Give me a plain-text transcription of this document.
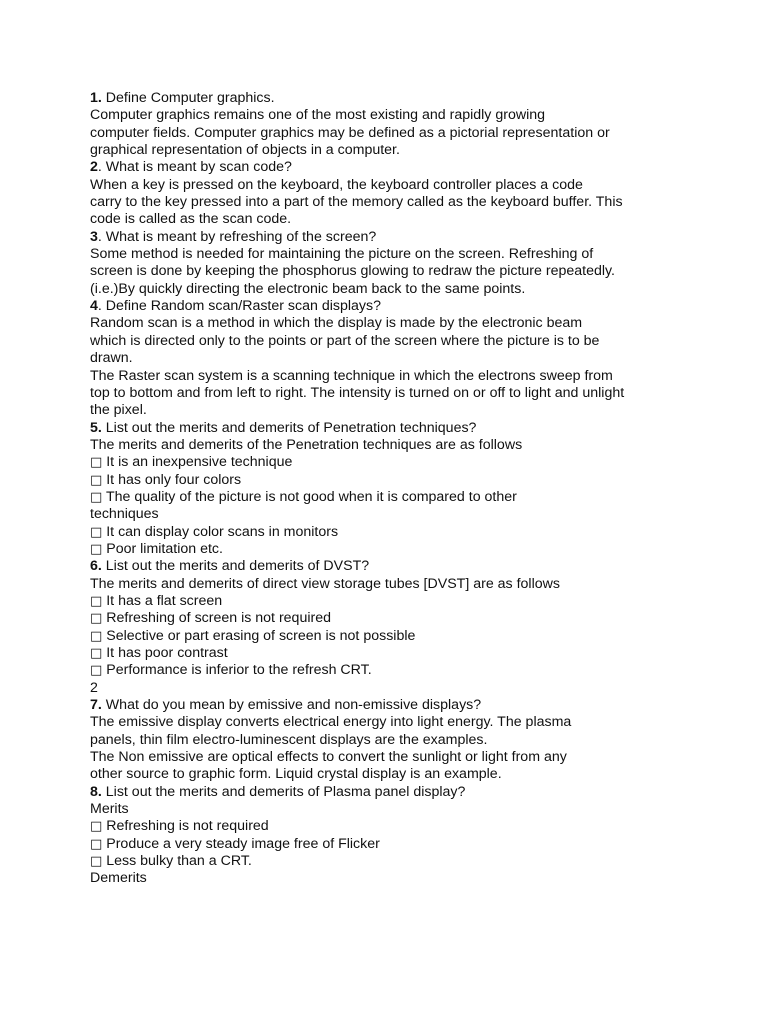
1. Define Computer graphics.
Computer graphics remains one of the most existing and rapidly growing
computer fields. Computer graphics may be defined as a pictorial representation or
graphical representation of objects in a computer.
2. What is meant by scan code?
When a key is pressed on the keyboard, the keyboard controller places a code
carry to the key pressed into a part of the memory called as the keyboard buffer. This
code is called as the scan code.
3. What is meant by refreshing of the screen?
Some method is needed for maintaining the picture on the screen. Refreshing of
screen is done by keeping the phosphorus glowing to redraw the picture repeatedly.
(i.e.)By quickly directing the electronic beam back to the same points.
4. Define Random scan/Raster scan displays?
Random scan is a method in which the display is made by the electronic beam
which is directed only to the points or part of the screen where the picture is to be
drawn.
The Raster scan system is a scanning technique in which the electrons sweep from
top to bottom and from left to right. The intensity is turned on or off to light and unlight
the pixel.
5. List out the merits and demerits of Penetration techniques?
The merits and demerits of the Penetration techniques are as follows
□ It is an inexpensive technique
□ It has only four colors
□ The quality of the picture is not good when it is compared to other
techniques
□ It can display color scans in monitors
□ Poor limitation etc.
6. List out the merits and demerits of DVST?
The merits and demerits of direct view storage tubes [DVST] are as follows
□ It has a flat screen
□ Refreshing of screen is not required
□ Selective or part erasing of screen is not possible
□ It has poor contrast
□ Performance is inferior to the refresh CRT.
2
7. What do you mean by emissive and non-emissive displays?
The emissive display converts electrical energy into light energy. The plasma
panels, thin film electro-luminescent displays are the examples.
The Non emissive are optical effects to convert the sunlight or light from any
other source to graphic form. Liquid crystal display is an example.
8. List out the merits and demerits of Plasma panel display?
Merits
□ Refreshing is not required
□ Produce a very steady image free of Flicker
□ Less bulky than a CRT.
Demerits
